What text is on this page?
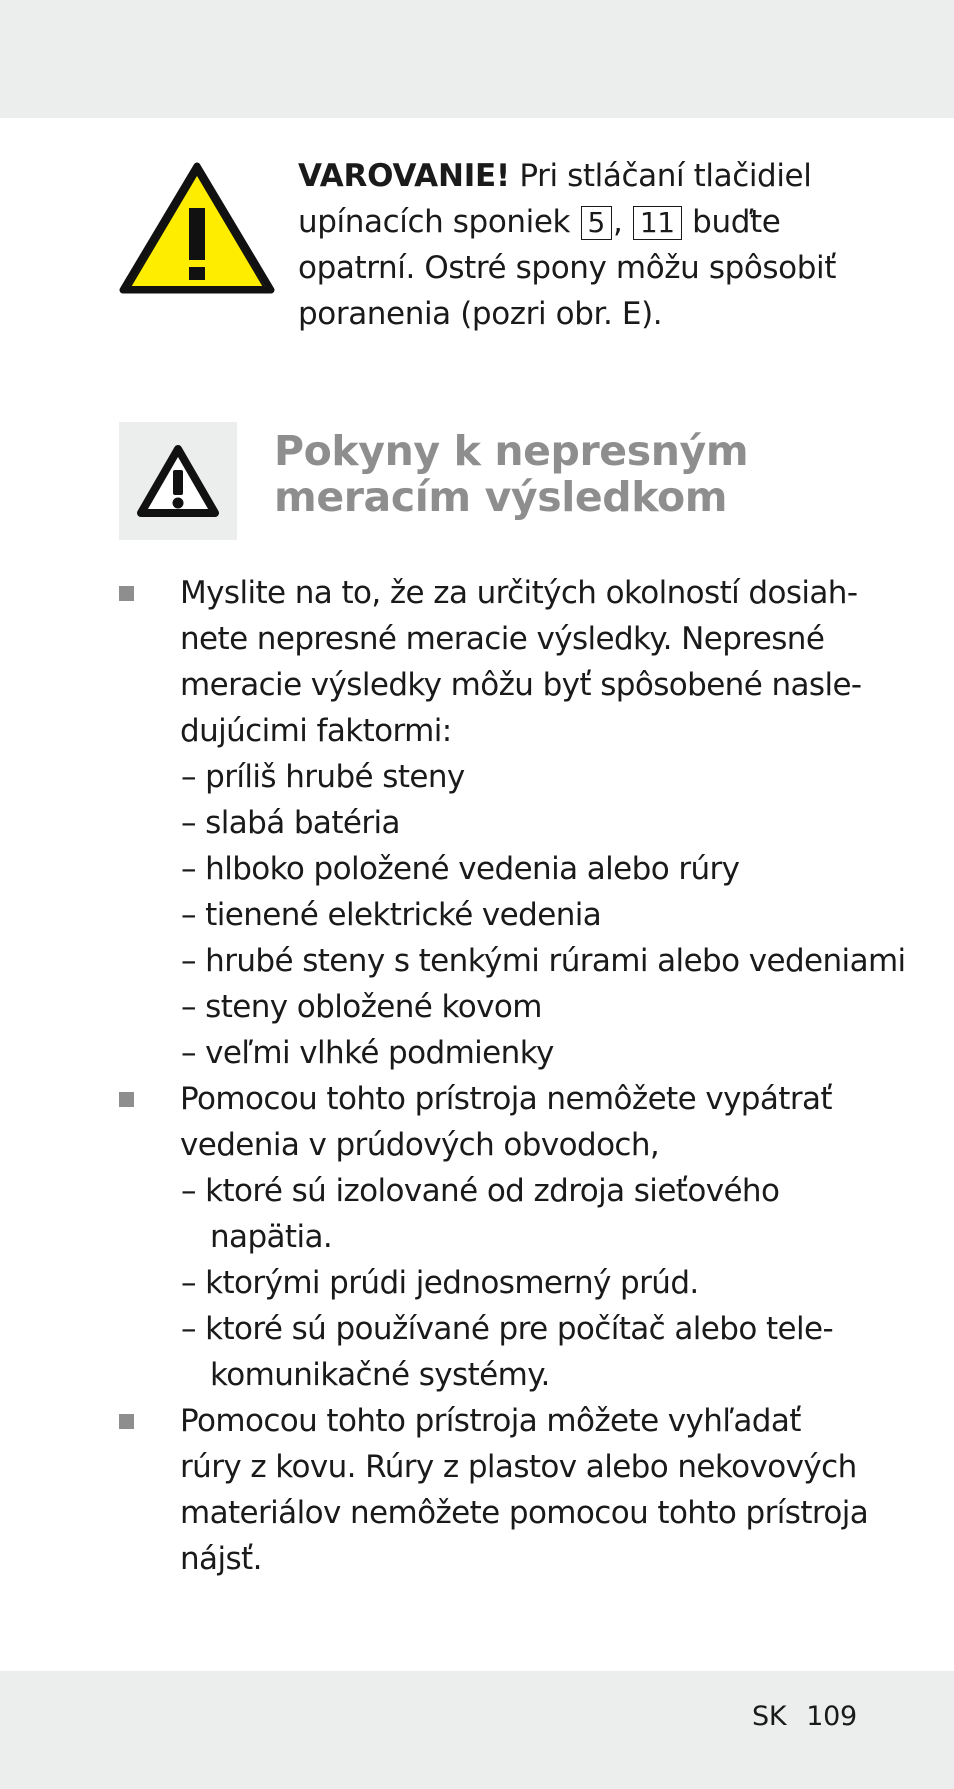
VAROVANIE! Pri stláčaní tlačidiel
upínacích sponiek 5 , 11 buďte
opatrní. Ostré spony môžu spôsobiť
poranenia (pozri obr. E).
Pokyny k nepresným
meracím výsledkom
Myslite na to, že za určitých okolností dosiah-
nete nepresné meracie výsledky. Nepresné
meracie výsledky môžu byť spôsobené nasle-
dujúcimi faktormi:
– príliš hrubé steny
– slabá batéria
– hlboko položené vedenia alebo rúry
– tienené elektrické vedenia
– hrubé steny s tenkými rúrami alebo vedeniami
– steny obložené kovom
– veľmi vlhké podmienky
Pomocou tohto prístroja nemôžete vypátrať
vedenia v prúdových obvodoch,
– ktoré sú izolované od zdroja sieťového
napätia.
– ktorými prúdi jednosmerný prúd.
– ktoré sú používané pre počítač alebo tele-
komunikačné systémy.
Pomocou tohto prístroja môžete vyhľadať
rúry z kovu. Rúry z plastov alebo nekovových
materiálov nemôžete pomocou tohto prístroja
nájsť.
SK 109
